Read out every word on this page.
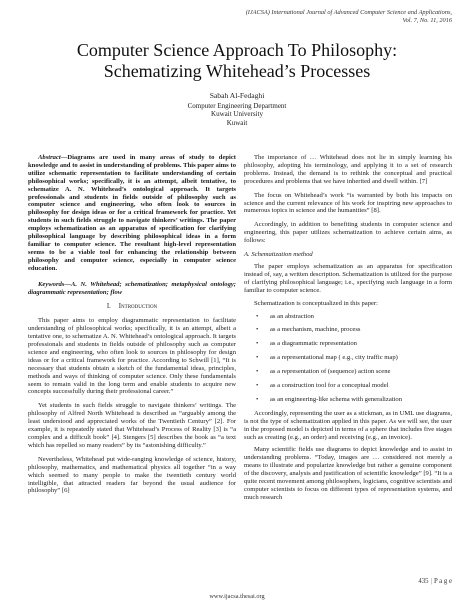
(IJACSA) International Journal of Advanced Computer Science and Applications,
Vol. 7, No. 11, 2016
Computer Science Approach To Philosophy:
Schematizing Whitehead’s Processes
Sabah Al-Fedaghi
Computer Engineering Department
Kuwait University
Kuwait

Abstract—Diagrams are used in many areas of study to depict knowledge and to assist in understanding of problems. This paper aims to utilize schematic representation to facilitate understanding of certain philosophical works; specifically, it is an attempt, albeit tentative, to schematize A. N. Whitehead’s ontological approach. It targets professionals and students in fields outside of philosophy such as computer science and engineering, who often look to sources in philosophy for design ideas or for a critical framework for practice. Yet students in such fields struggle to navigate thinkers’ writings. The paper employs schematization as an apparatus of specification for clarifying philosophical language by describing philosophical ideas in a form familiar to computer science. The resultant high-level representation seems to be a viable tool for enhancing the relationship between philosophy and computer science, especially in computer science education.

Keywords—A. N. Whitehead; schematization; metaphysical ontology; diagrammatic representation; flow

I. Introduction

This paper aims to employ diagrammatic representation to facilitate understanding of philosophical works; specifically, it is an attempt, albeit a tentative one, to schematize A. N. Whitehead’s ontological approach. It targets professionals and students in fields outside of philosophy such as computer science and engineering, who often look to sources in philosophy for design ideas or for a critical framework for practice. According to Schwill [1], “It is necessary that students obtain a sketch of the fundamental ideas, principles, methods and ways of thinking of computer science. Only these fundamentals seem to remain valid in the long term and enable students to acquire new concepts successfully during their professional career.”

Yet students in such fields struggle to navigate thinkers’ writings. The philosophy of Alfred North Whitehead is described as “arguably among the least understood and appreciated works of the Twentieth Century” [2]. For example, it is repeatedly stated that Whitehead’s Process of Reality [3] is “a complex and a difficult book” [4]. Stengers [5] describes the book as “a text which has repelled so many readers” by its “astonishing difficulty.”

Nevertheless, Whitehead put wide-ranging knowledge of science, history, philosophy, mathematics, and mathematical physics all together “in a way which seemed to many people to make the twentieth century world intelligible, that attracted readers far beyond the usual audience for philosophy” [6]

The importance of … Whitehead does not lie in simply learning his philosophy, adopting his terminology, and applying it to a set of research problems. Instead, the demand is to rethink the conceptual and practical procedures and problems that we have inherited and dwell within. [7]

The focus on Whitehead’s work “is warranted by both his impacts on science and the current relevance of his work for inspiring new approaches to numerous topics in science and the humanities” [8].

Accordingly, in addition to benefiting students in computer science and engineering, this paper utilizes schematization to achieve certain aims, as follows:

A. Schematization method

The paper employs schematization as an apparatus for specification instead of, say, a written description. Schematization is utilized for the purpose of clarifying philosophical language; i.e., specifying such language in a form familiar to computer science.

Schematization is conceptualized in this paper:

• as an abstraction
• as a mechanism, machine, process
• as a diagrammatic representation
• as a representational map ( e.g., city traffic map)
• as a representation of (sequence) action scene
• as a construction tool for a conceptual model
• as an engineering-like schema with generalization

Accordingly, representing the user as a stickman, as in UML use diagrams, is not the type of schematization applied in this paper. As we will see, the user in the proposed model is depicted in terms of a sphere that includes five stages such as creating (e.g., an order) and receiving (e.g., an invoice).

Many scientific fields use diagrams to depict knowledge and to assist in understanding problems. “Today, images are … considered not merely a means to illustrate and popularize knowledge but rather a genuine component of the discovery, analysis and justification of scientific knowledge” [9]. “It is a quite recent movement among philosophers, logicians, cognitive scientists and computer scientists to focus on different types of representation systems, and much research

435 | P a g e
www.ijacsa.thesai.org
